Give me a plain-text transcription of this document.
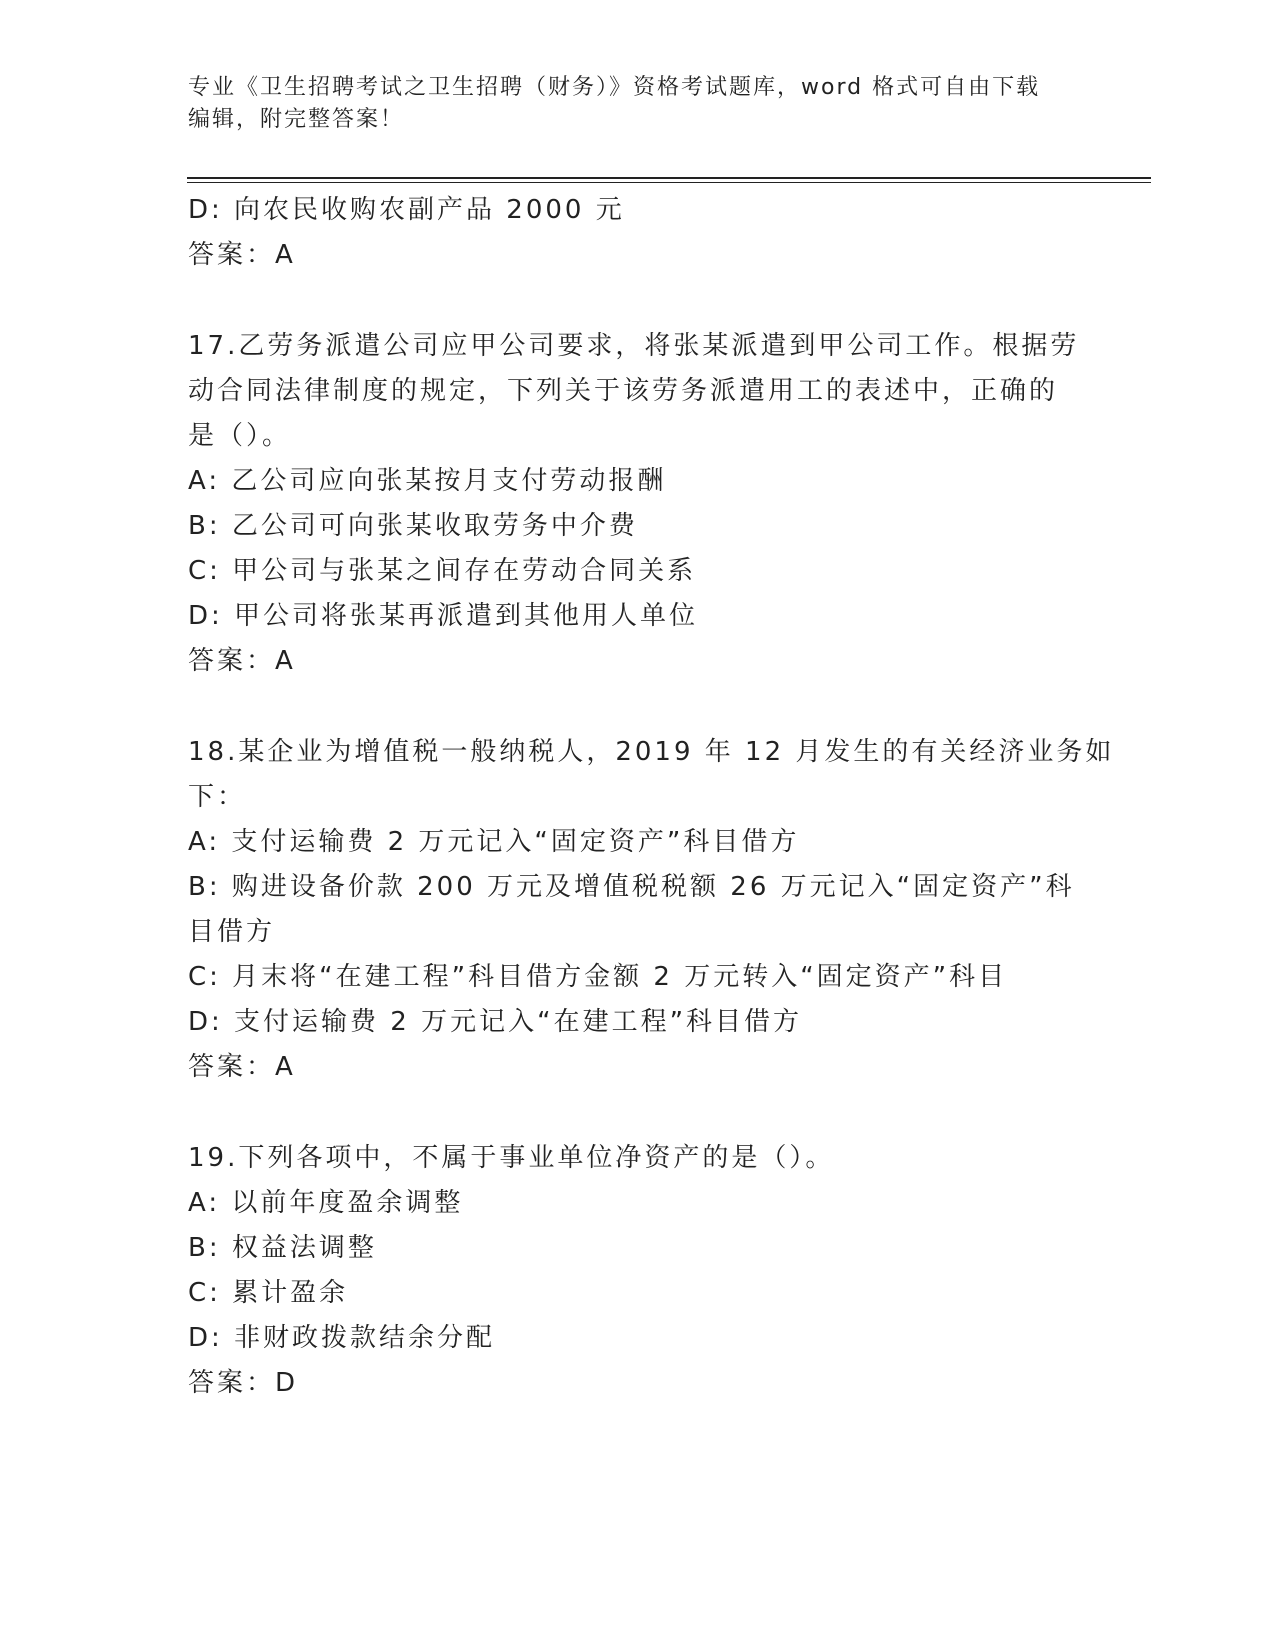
专业《卫生招聘考试之卫生招聘（财务）》资格考试题库，word 格式可自由下载
编辑，附完整答案！
D: 向农民收购农副产品 2000 元
答案：A
17.乙劳务派遣公司应甲公司要求，将张某派遣到甲公司工作。根据劳
动合同法律制度的规定，下列关于该劳务派遣用工的表述中，正确的
是（）。
A: 乙公司应向张某按月支付劳动报酬
B: 乙公司可向张某收取劳务中介费
C: 甲公司与张某之间存在劳动合同关系
D: 甲公司将张某再派遣到其他用人单位
答案：A
18.某企业为增值税一般纳税人，2019 年 12 月发生的有关经济业务如
下：
A: 支付运输费 2 万元记入“固定资产”科目借方
B: 购进设备价款 200 万元及增值税税额 26 万元记入“固定资产”科
目借方
C: 月末将“在建工程”科目借方金额 2 万元转入“固定资产”科目
D: 支付运输费 2 万元记入“在建工程”科目借方
答案：A
19.下列各项中，不属于事业单位净资产的是（）。
A: 以前年度盈余调整
B: 权益法调整
C: 累计盈余
D: 非财政拨款结余分配
答案：D
